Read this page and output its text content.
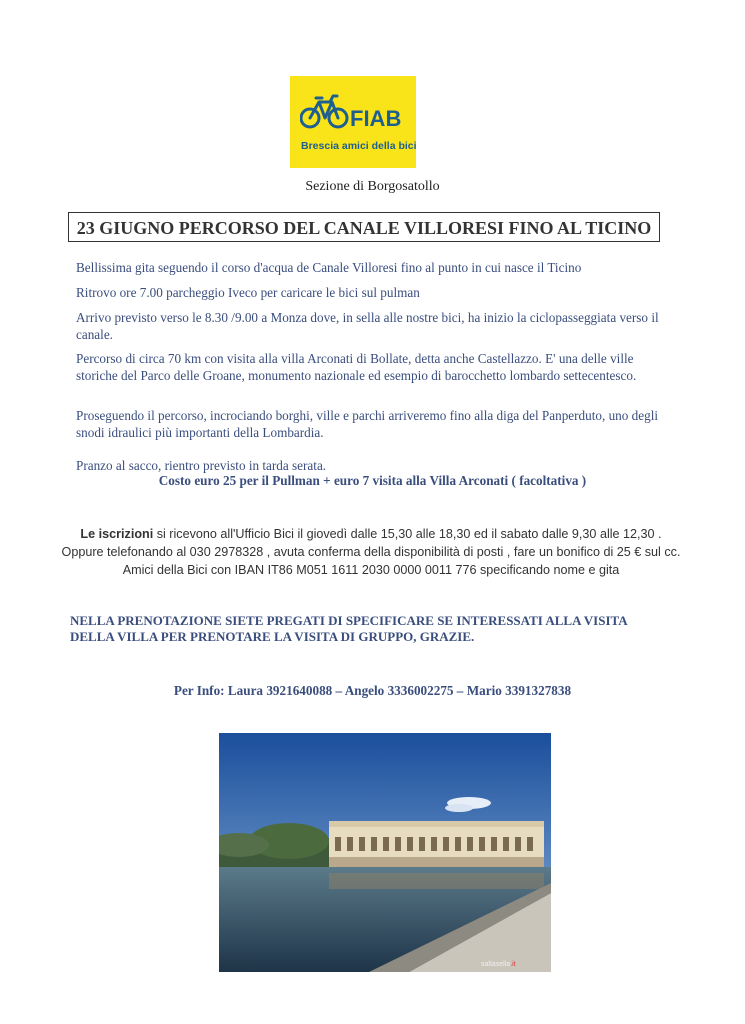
FIAB
Brescia amici della bici
Sezione di Borgosatollo
23 GIUGNO PERCORSO DEL CANALE VILLORESI FINO AL TICINO
Bellissima gita seguendo il corso d'acqua de Canale Villoresi fino al punto in cui nasce il Ticino
Ritrovo ore 7.00 parcheggio Iveco per caricare le bici sul pulman
Arrivo previsto verso le 8.30 /9.00 a Monza dove, in sella alle nostre bici, ha inizio la ciclopasseggiata verso il canale.
Percorso di circa 70 km con visita alla villa Arconati di Bollate, detta anche Castellazzo. E' una delle ville storiche del Parco delle Groane, monumento nazionale ed esempio di barocchetto lombardo settecentesco.
Proseguendo il percorso, incrociando borghi, ville e parchi arriveremo fino alla diga del Panperduto, uno degli snodi idraulici più importanti della Lombardia.
Pranzo al sacco, rientro previsto in tarda serata.
Costo euro 25 per il Pullman + euro 7 visita alla Villa Arconati ( facoltativa )
Le iscrizioni si ricevono all'Ufficio Bici il giovedì dalle 15,30 alle 18,30 ed il sabato dalle 9,30 alle 12,30 . Oppure telefonando al 030 2978328 , avuta conferma della disponibilità di posti , fare un bonifico di 25 € sul cc. Amici della Bici con IBAN IT86 M051 1611 2030 0000 0011 776 specificando nome e gita
NELLA PRENOTAZIONE SIETE PREGATI DI SPECIFICARE SE INTERESSATI ALLA VISITA DELLA VILLA PER PRENOTARE LA VISITA DI GRUPPO, GRAZIE.
Per Info: Laura 3921640088 – Angelo 3336002275 – Mario 3391327838
saltasella.it
